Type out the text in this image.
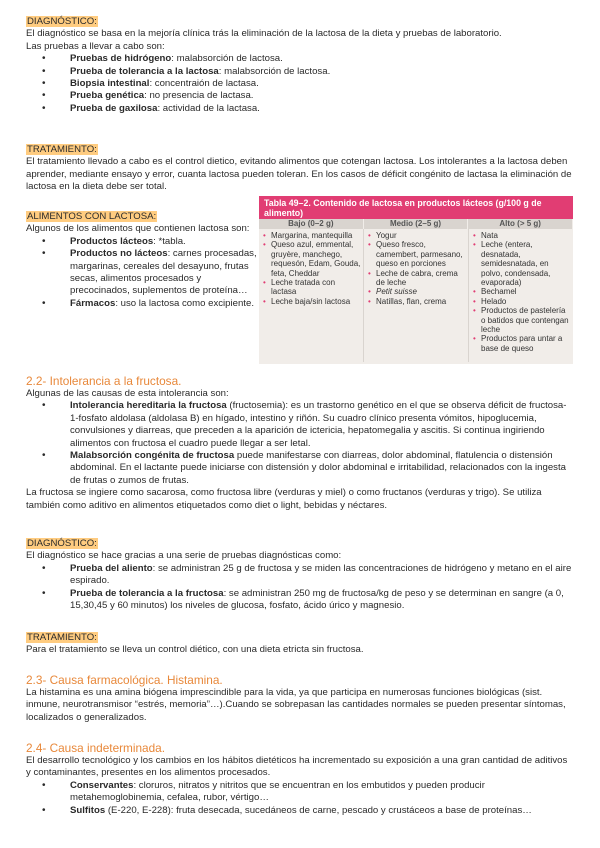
DIAGNÓSTICO:

El diagnóstico se basa en la mejoría clínica trás la eliminación de la lactosa de la dieta y pruebas de laboratorio.

Las pruebas a llevar a cabo son:

• Pruebas de hidrógeno: malabsorción de lactosa.
• Prueba de tolerancia a la lactosa: malabsorción de lactosa.
• Biopsia intestinal: concentraión de lactasa.
• Prueba genética: no presencia de lactasa.
• Prueba de gaxilosa: actividad de la lactasa.

TRATAMIENTO:

El tratamiento llevado a cabo es el control dietico, evitando alimentos que cotengan lactosa. Los intolerantes a la lactosa deben aprender, mediante ensayo y error, cuanta lactosa pueden toleran. En los casos de déficit congénito de lactasa la eliminación de lactosa en la dieta debe ser total.

ALIMENTOS CON LACTOSA:

Algunos de los alimentos que contienen lactosa son:

• Productos lácteos: *tabla.
• Productos no lácteos: carnes procesadas, margarinas, cereales del desayuno, frutas secas, alimentos procesados y precocinados, suplementos de proteína…
• Fármacos: uso la lactosa como excipiente.
2.2- Intolerancia a la fructosa.

Algunas de las causas de esta intolerancia son:

• Intolerancia hereditaria la fructosa (fructosemia): es un trastorno genético en el que se observa déficit de fructosa-1-fosfato aldolasa (aldolasa B) en hígado, intestino y riñón. Su cuadro clínico presenta vómitos, hipoglucemia, convulsiones y diarreas, que preceden a la aparición de ictericia, hepatomegalia y ascitis. Si continua ingiriendo alimentos con fructosa el cuadro puede llegar a ser letal.
• Malabsorción congénita de fructosa puede manifestarse con diarreas, dolor abdominal, flatulencia o distensión abdominal. En el lactante puede iniciarse con distensión y dolor abdominal e irritabilidad, relacionados con la ingesta de frutas o zumos de frutas.

La fructosa se ingiere como sacarosa, como fructosa libre (verduras y miel) o como fructanos (verduras y trigo). Se utiliza también como aditivo en alimentos etiquetados como diet o light, bebidas y néctares.

DIAGNÓSTICO:

El diagnóstico se hace gracias a una serie de pruebas diagnósticas como:

• Prueba del aliento: se administran 25 g de fructosa y se miden las concentraciones de hidrógeno y metano en el aire espirado.
• Prueba de tolerancia a la fructosa: se administran 250 mg de fructosa/kg de peso y se determinan en sangre (a 0, 15,30,45 y 60 minutos) los niveles de glucosa, fosfato, ácido úrico y magnesio.

TRATAMIENTO:

Para el tratamiento se lleva un control diético, con una dieta etricta sin fructosa.

2.3- Causa farmacológica. Histamina.

La histamina es una amina biógena imprescindible para la vida, ya que participa en numerosas funciones biológicas (sist. inmune, neurotransmisor “estrés, memoria”…).Cuando se sobrepasan las cantidades normales se pueden presentar síntomas, localizados o generalizados.

2.4- Causa indeterminada.

El desarrollo tecnológico y los cambios en los hábitos dietéticos ha incrementado su exposición a una gran cantidad de aditivos y contaminantes, presentes en los alimentos procesados.

• Conservantes: cloruros, nitratos y nitritos que se encuentran en los embutidos y pueden producir metahemoglobinemia, cefalea, rubor, vértigo…
• Sulfitos (E-220, E-228): fruta desecada, sucedáneos de carne, pescado y crustáceos a base de proteínas…
Tabla 49–2. Contenido de lactosa en productos lácteos (g/100 g de alimento)
Bajo (0–2 g)	Medio (2–5 g)	Alto (> 5 g)
• Margarina, mantequilla
• Queso azul, emmental, gruyère, manchego, requesón, Edam, Gouda, feta, Cheddar
• Leche tratada con lactasa
• Leche baja/sin lactosa
• Yogur
• Queso fresco, camembert, parmesano, queso en porciones
• Leche de cabra, crema de leche
• Petit suisse
• Natillas, flan, crema
• Nata
• Leche (entera, desnatada, semidesnatada, en polvo, condensada, evaporada)
• Bechamel
• Helado
• Productos de pastelería o batidos que contengan leche
• Productos para untar a base de queso
